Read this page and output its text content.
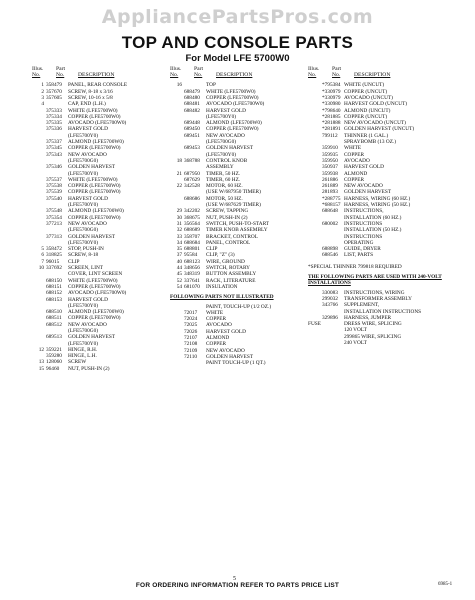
AppliancePartsPros.com
TOP AND CONSOLE PARTS
For Model LFE 5700W0
Illus.
No.
Part
No.	DESCRIPTION
1 358479	PANEL, REAR CONSOLE
2 357670	SCREW, 8-18 x 3/16
3 357605	SCREW, 10-16 x 5/8
4	CAP, END (L.H.)
375333	WHITE (LFE5700W0)
375334	COPPER (LFE5700W0)
375335	AVOCADO (LFE5700W0)
375336	HARVEST GOLD
(LFE5700Y0)
375337	ALMOND (LFE5700W0)
375345	COPPER (LFE5700W0)
375343	NEW AVOCADO
(LFE5700G0)
375346	GOLDEN HARVEST
(LFE5700Y0)
375537	WHITE (LFE5700W0)
375538	COPPER (LFE5700W0)
375539	COPPER (LFE5700W0)
375540	HARVEST GOLD
(LFE5700Y0)
375548	ALMOND (LFE5700W0)
375354	COPPER (LFE5700W0)
377213	NEW AVOCADO
(LFE5700G0)
377313	GOLDEN HARVEST
(LFE5700Y0)
5 358472	STOP, PUSH-IN
6 318825	SCREW, 8-18
7 96015	CLIP
10 337692	SCREEN, LINT
COVER, LINT SCREEN
688150	WHITE (LFE5700W0)
688151	COPPER (LFE5700W0)
688152	AVOCADO (LFE5700W0)
688153	HARVEST GOLD
(LFE5700Y0)
688510	ALMOND (LFE5700W0)
688511	COPPER (LFE5700W0)
688512	NEW AVOCADO
(LFE5700G0)
689513	GOLDEN HARVEST
(LFE5700Y0)
12 359221	HINGE, R.H.
359280	HINGE, L.H.
13 128060	SCREW
15 96460	NUT, PUSH-IN (2)
Illus.
No.
Part
No.	DESCRIPTION
16	TOP
688479	WHITE (LFE5700W0)
688480	COPPER (LFE5700W0)
688481	AVOCADO (LFE5700W0)
688482	HARVEST GOLD
(LFE5700Y0)
689448	ALMOND (LFE5700W0)
689450	COPPER (LFE5700W0)
689451	NEW AVOCADO
(LFE5700G0)
689453	GOLDEN HARVEST
(LFE5700Y0)
18 368788	CONTROL KNOB
ASSEMBLY
21 687950	TIMER, 50 HZ.
687629	TIMER, 60 HZ.
22 342528	MOTOR, 60 HZ.
(USE W/687950 TIMER)
688686	MOTOR, 50 HZ.
(USE W/687629 TIMER)
29 342202	SCREW, TAPPING
30 368675	NUT, PUSH-IN (2)
31 356564	SWITCH, PUSH-TO-START
32 688689	TIMER KNOB ASSEMBLY
33 358707	BRACKET, CONTROL
34 688684	PANEL, CONTROL
35 688801	CLIP
37 95584	CLIP, "Z" (3)
40 688123	WIRE, GROUND
44 348656	SWITCH, ROTARY
45 348319	BUTTON ASSEMBLY
52 337641	RACK, LITERATURE
54 681070	INSULATION
FOLLOWING PARTS NOT ILLUSTRATED
PAINT, TOUCH-UP (1/2 OZ.)
72017	WHITE
72024	COPPER
72025	AVOCADO
72026	HARVEST GOLD
72107	ALMOND
72108	COPPER
72109	NEW AVOCADO
72110	GOLDEN HARVEST
PAINT TOUCH-UP (1 QT.)
Illus.
No.
Part
No.	DESCRIPTION
*795384 WHITE (UNCUT)
*330979 COPPER (UNCUT)
*330979 AVOCADO (UNCUT)
*330980 HARVEST GOLD (UNCUT)
*798640 ALMOND (UNCUT)
*281885 COPPER (UNCUT)
*281888 NEW AVOCADO (UNCUT)
*281891 GOLDEN HARVEST (UNCUT)
799112	THINNER (1 GAL.)
SPRAYBOMB (13 OZ.)
359910	WHITE
359935	COPPER
359950	AVOCADO
350937	HARVEST GOLD
359938	ALMOND
261886	COPPER
261889	NEW AVOCADO
281893	GOLDEN HARVEST
*288775 HARNESS, WIRING (60 HZ.)
*688157 HARNESS, WIRING (50 HZ.)
688648	INSTRUCTIONS,
INSTALLATION (60 HZ.)
680002	INSTRUCTIONS
INSTALLATION (50 HZ.)
INSTRUCTIONS
OPERATING
688898	GUIDE, DRYER
688546	LIST, PARTS
*SPECIAL THINNER 799818 REQUIRED
THE FOLLOWING PARTS ARE USED WITH 240-VOLT INSTALLATIONS
330083	INSTRUCTIONS, WIRING
299032	TRANSFORMER ASSEMBLY
343766	SUPPLEMENT,
INSTALLATION INSTRUCTIONS
329896	HARNESS, JUMPER
FUSE	DRESS WIRE, SPLICING
120 VOLT
299865 WIRE, SPLICING
240 VOLT
5
FOR ORDERING INFORMATION REFER TO PARTS PRICE LIST	6985-1
